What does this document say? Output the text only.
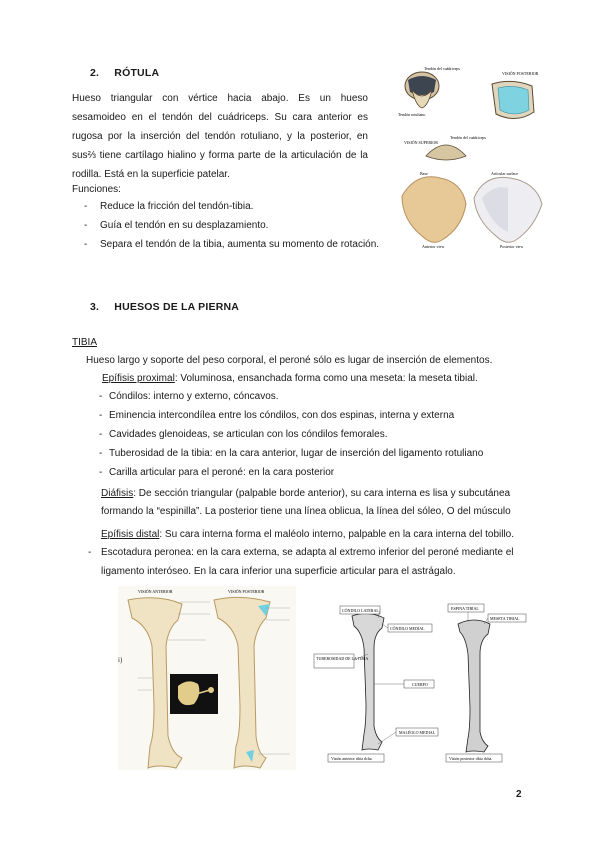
2. RÓTULA
Hueso triangular con vértice hacia abajo. Es un hueso sesamoideo en el tendón del cuádriceps. Su cara anterior es rugosa por la inserción del tendón rotuliano, y la posterior, en sus⅔ tiene cartílago hialino y forma parte de la articulación de la rodilla. Está en la superficie patelar.
Funciones:
- Reduce la fricción del tendón-tibia.
- Guía el tendón en su desplazamiento.
- Separa el tendón de la tibia, aumenta su momento de rotación.
Tendón del cuádriceps
VISIÓN POSTERIOR
Tendón rotuliano
VISIÓN SUPERIOR
Tendón del cuádriceps
Base	Articular surface
Anterior view	Posterior view
3. HUESOS DE LA PIERNA
TIBIA
Hueso largo y soporte del peso corporal, el peroné sólo es lugar de inserción de elementos.
Epífisis proximal: Voluminosa, ensanchada forma como una meseta: la meseta tibial.
- Cóndilos: interno y externo, cóncavos.
- Eminencia intercondílea entre los cóndilos, con dos espinas, interna y externa
- Cavidades glenoideas, se articulan con los cóndilos femorales.
- Tuberosidad de la tibia: en la cara anterior, lugar de inserción del ligamento rotuliano
- Carilla articular para el peroné: en la cara posterior
Diáfisis: De sección triangular (palpable borde anterior), su cara interna es lisa y subcutánea
formando la “espinilla”. La posterior tiene una línea oblicua, la línea del sóleo, O del músculo
Epífisis distal: Su cara interna forma el maléolo interno, palpable en la cara interna del tobillo.
- Escotadura peronea: en la cara externa, se adapta al extremo inferior del peroné mediante el
ligamento interóseo. En la cara inferior una superficie articular para el astrágalo.
VISIÓN ANTERIOR	VISIÓN POSTERIOR
i)
CÓNDILO LATERAL
CÓNDILO MEDIAL
TUBEROSIDAD DE LA TIBIA
CUERPO
MALÉOLO MEDIAL
ESPINA TIBIAL
MESETA TIBIAL
Visión anterior tibia dcha.	Visión posterior tibia dcha.
2
